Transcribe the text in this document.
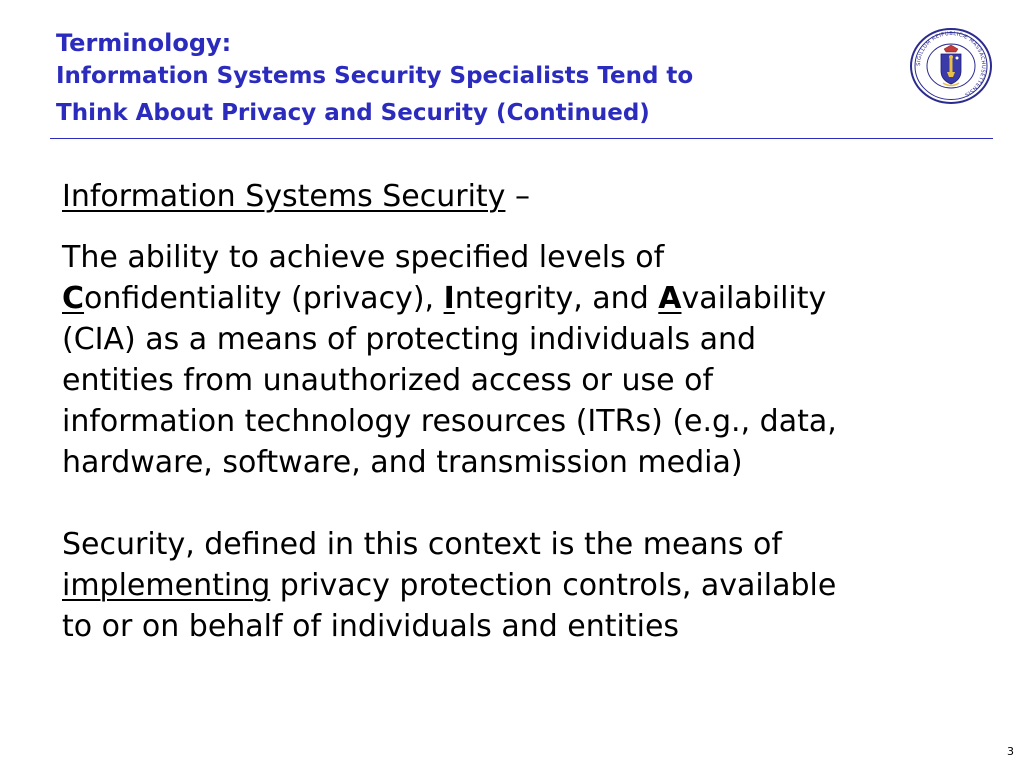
Terminology:
Information Systems Security Specialists Tend to
Think About Privacy and Security (Continued)
SIGILLUM REIPUBLICÆ MASSACHUSETTENSIS

Information Systems Security –

The ability to achieve specified levels of
Confidentiality (privacy), Integrity, and Availability
(CIA) as a means of protecting individuals and
entities from unauthorized access or use of
information technology resources (ITRs) (e.g., data,
hardware, software, and transmission media)

Security, defined in this context is the means of
implementing privacy protection controls, available
to or on behalf of individuals and entities

3
